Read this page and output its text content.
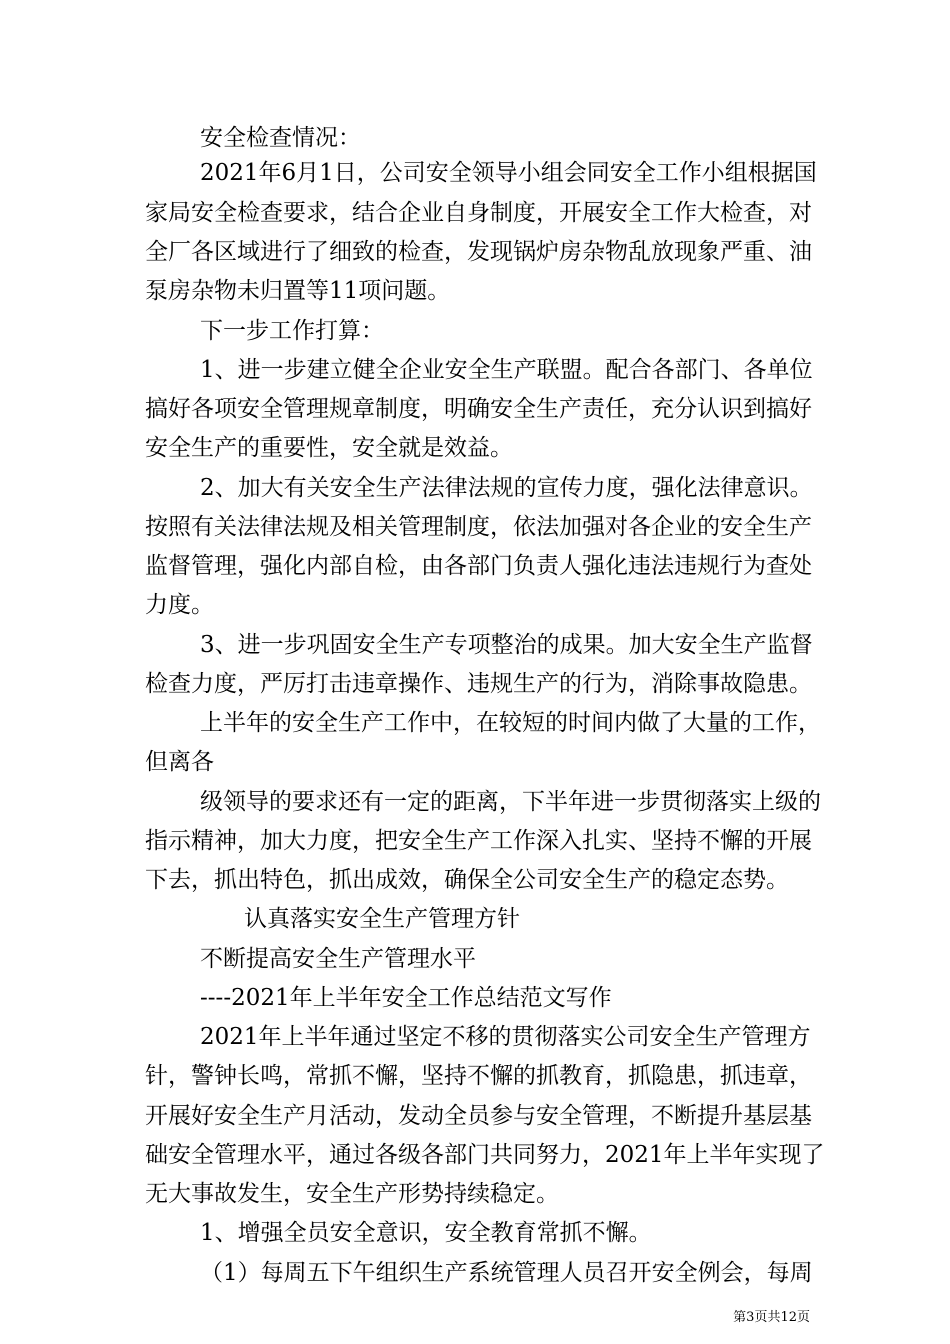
安全检查情况：
2021年6月1日，公司安全领导小组会同安全工作小组根据国
家局安全检查要求，结合企业自身制度，开展安全工作大检查，对
全厂各区域进行了细致的检查，发现锅炉房杂物乱放现象严重、油
泵房杂物未归置等11项问题。
下一步工作打算：
1、进一步建立健全企业安全生产联盟。配合各部门、各单位
搞好各项安全管理规章制度，明确安全生产责任，充分认识到搞好
安全生产的重要性，安全就是效益。
2、加大有关安全生产法律法规的宣传力度，强化法律意识。
按照有关法律法规及相关管理制度，依法加强对各企业的安全生产
监督管理，强化内部自检，由各部门负责人强化违法违规行为查处
力度。
3、进一步巩固安全生产专项整治的成果。加大安全生产监督
检查力度，严厉打击违章操作、违规生产的行为，消除事故隐患。
上半年的安全生产工作中，在较短的时间内做了大量的工作，
但离各
级领导的要求还有一定的距离，下半年进一步贯彻落实上级的
指示精神，加大力度，把安全生产工作深入扎实、坚持不懈的开展
下去，抓出特色，抓出成效，确保全公司安全生产的稳定态势。
认真落实安全生产管理方针
不断提高安全生产管理水平
----2021年上半年安全工作总结范文写作
2021年上半年通过坚定不移的贯彻落实公司安全生产管理方
针，警钟长鸣，常抓不懈，坚持不懈的抓教育，抓隐患，抓违章，
开展好安全生产月活动，发动全员参与安全管理，不断提升基层基
础安全管理水平，通过各级各部门共同努力，2021年上半年实现了
无大事故发生，安全生产形势持续稳定。
1、增强全员安全意识，安全教育常抓不懈。
（1）每周五下午组织生产系统管理人员召开安全例会，每周
第3页共12页
